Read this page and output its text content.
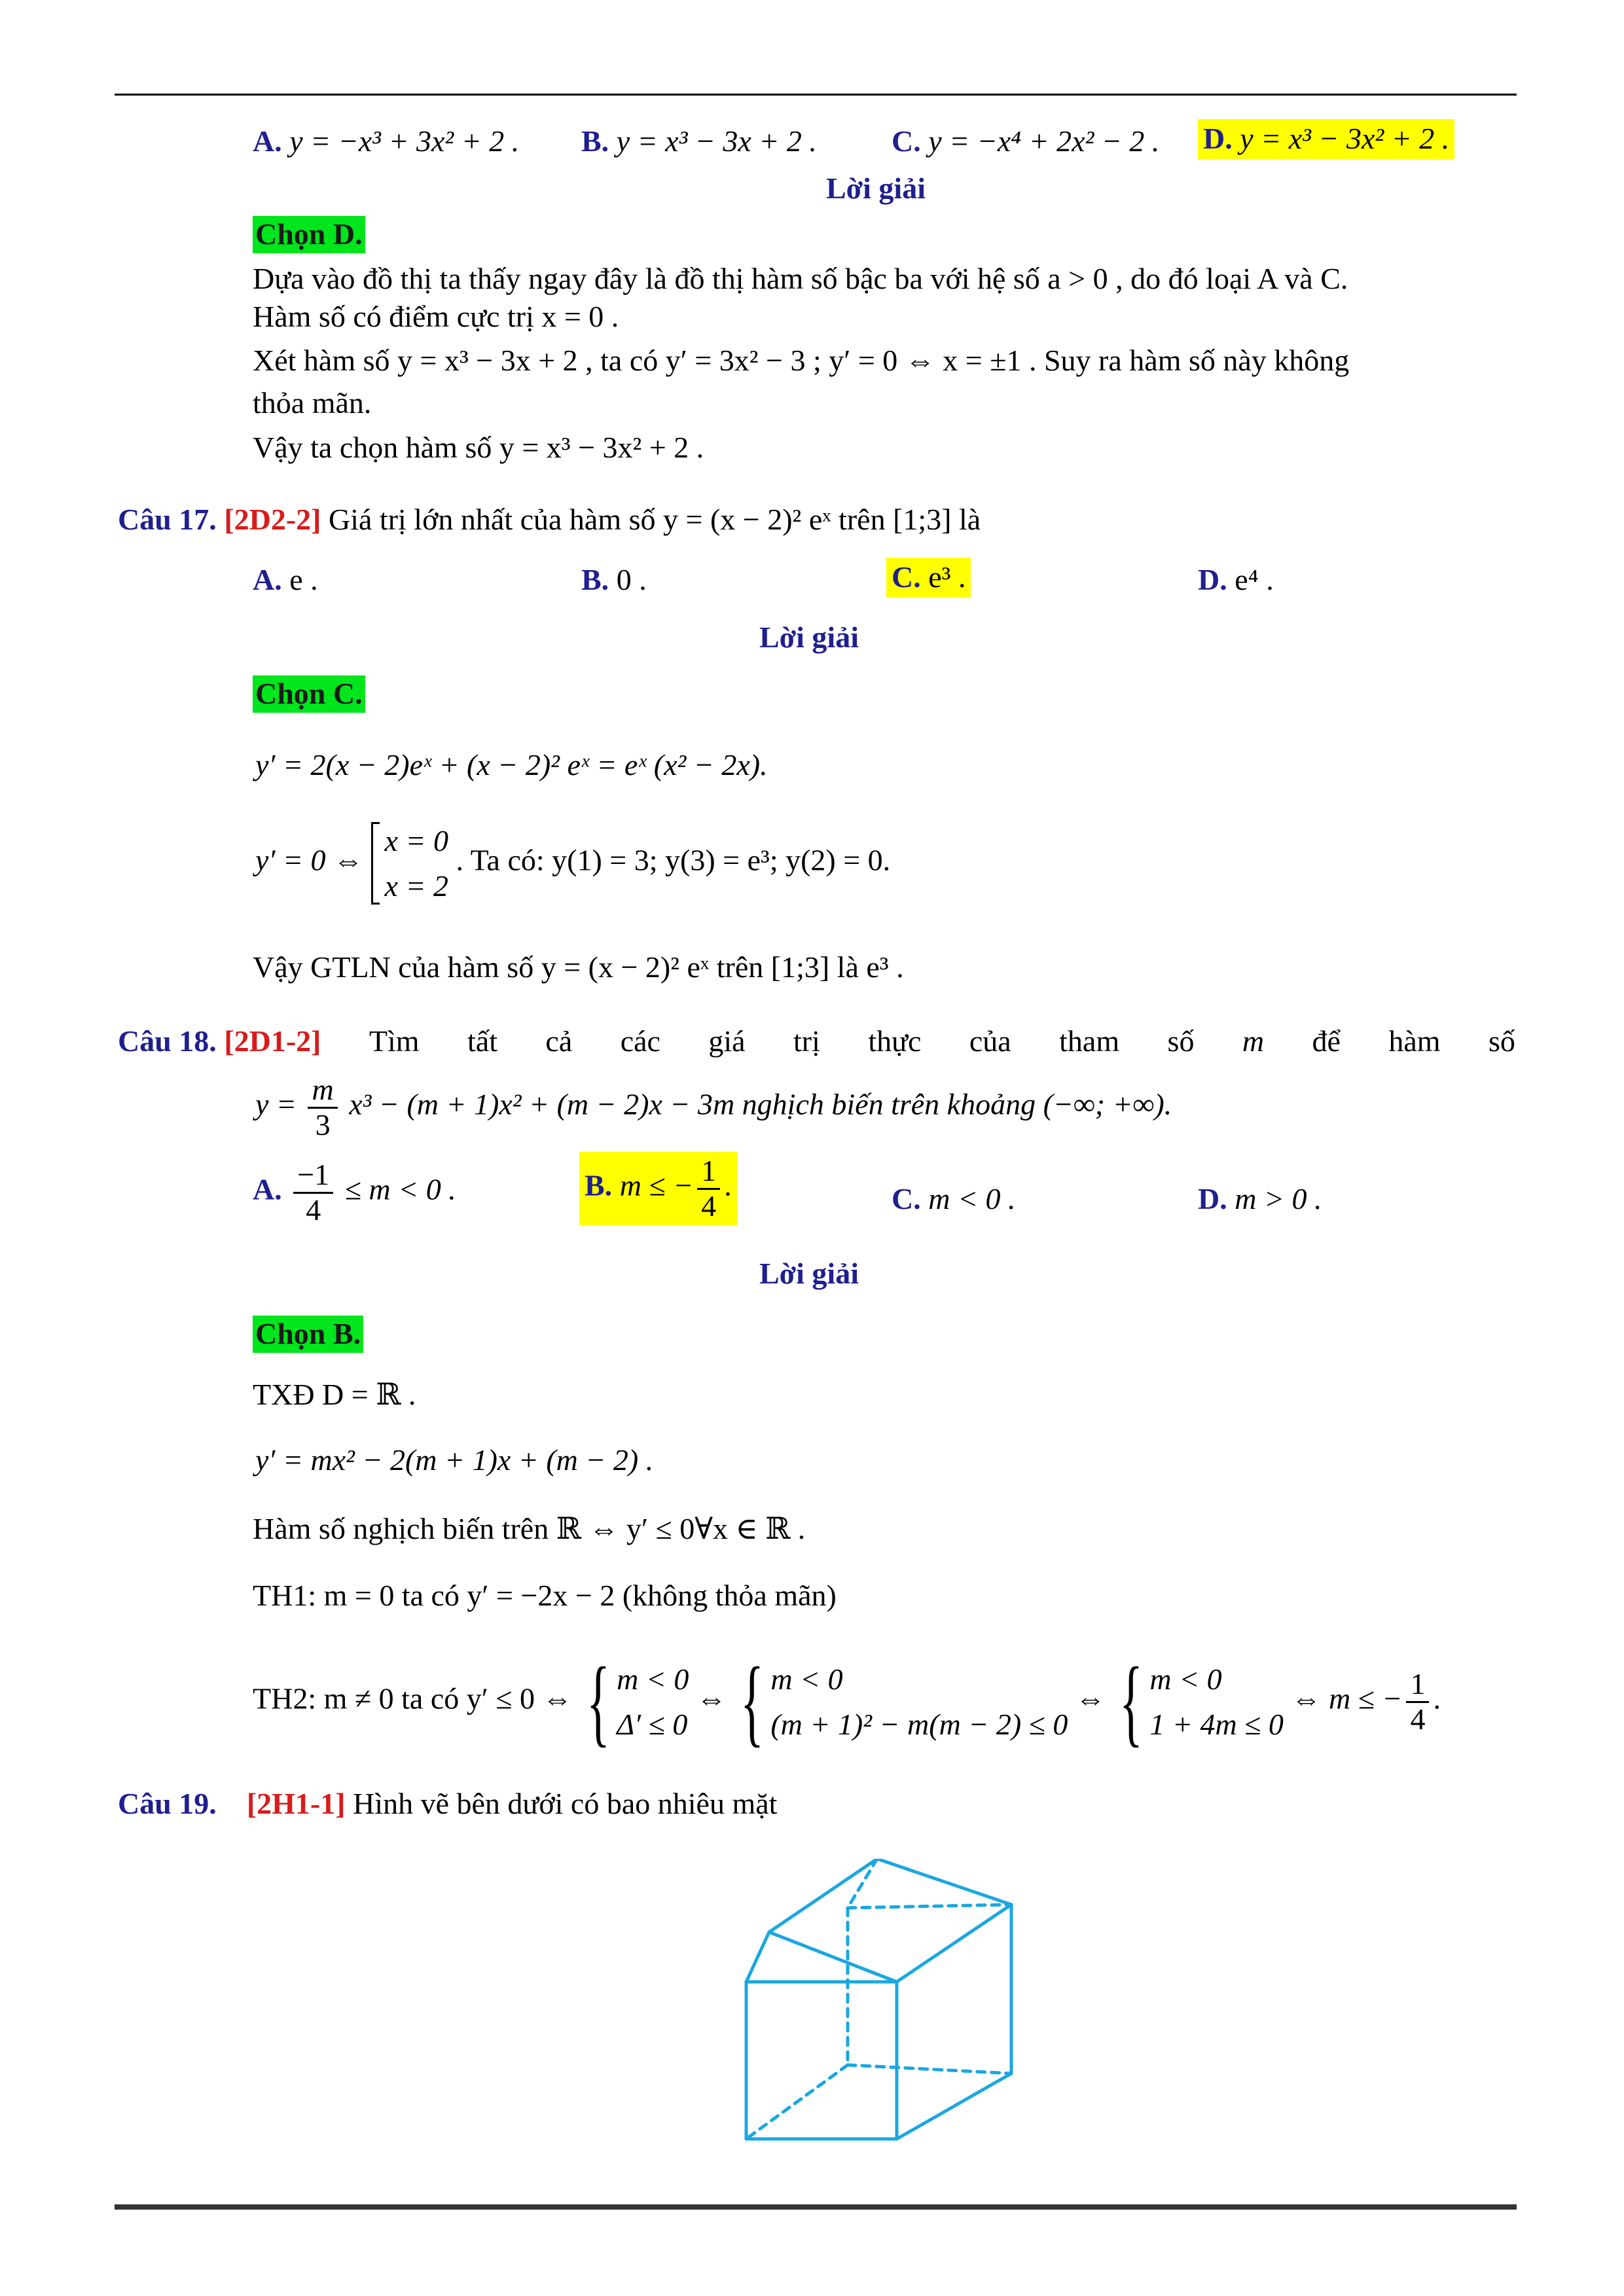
A. y = −x³ + 3x² + 2 . B. y = x³ − 3x + 2 . C. y = −x⁴ + 2x² − 2 . D. y = x³ − 3x² + 2 .
Lời giải
Chọn D.
Dựa vào đồ thị ta thấy ngay đây là đồ thị hàm số bậc ba với hệ số a > 0 , do đó loại A và C.
Hàm số có điểm cực trị x = 0 .
Xét hàm số y = x³ − 3x + 2 , ta có y′ = 3x² − 3 ; y′ = 0 ⇔ x = ±1 . Suy ra hàm số này không
thỏa mãn.
Vậy ta chọn hàm số y = x³ − 3x² + 2 .
Câu 17. [2D2-2] Giá trị lớn nhất của hàm số y = (x − 2)² eˣ trên [1;3] là
A. e .	B. 0 .	C. e³ .	D. e⁴ .
Lời giải
Chọn C.
y′ = 2(x − 2)eˣ + (x − 2)² eˣ = eˣ (x² − 2x).
y′ = 0 ⇔ x = 0
x = 2 . Ta có: y(1) = 3; y(3) = e³; y(2) = 0.
Vậy GTLN của hàm số y = (x − 2)² eˣ trên [1;3] là e³ .
Câu 18. [2D1-2] Tìm tất cả các giá trị thực của tham số m để hàm số
$y = \frac{m}{3} x^3 - (m + 1)x^2 + (m - 2)x - 3m$ nghịch biến trên khoảng (−∞; +∞).
A. $\frac{-1}{4} \le m < 0$ .	B. m ≤ − $\frac{1}{4}$ .	C. m < 0 .	D. m > 0 .
Lời giải
Chọn B.
TXĐ D = ℝ .
y′ = mx² − 2(m + 1)x + (m − 2) .
Hàm số nghịch biến trên ℝ ⇔ y′ ≤ 0∀x ∈ ℝ .
TH1: m = 0 ta có y′ = −2x − 2 (không thỏa mãn)
TH2: m ≠ 0 ta có y′ ≤ 0 ⇔ { m < 0
Δ′ ≤ 0 ⇔ { m < 0
(m + 1)² − m(m − 2) ≤ 0 ⇔ { m < 0
1 + 4m ≤ 0 ⇔ m ≤ − $\frac{1}{4}$ .
Câu 19. [2H1-1] Hình vẽ bên dưới có bao nhiêu mặt
